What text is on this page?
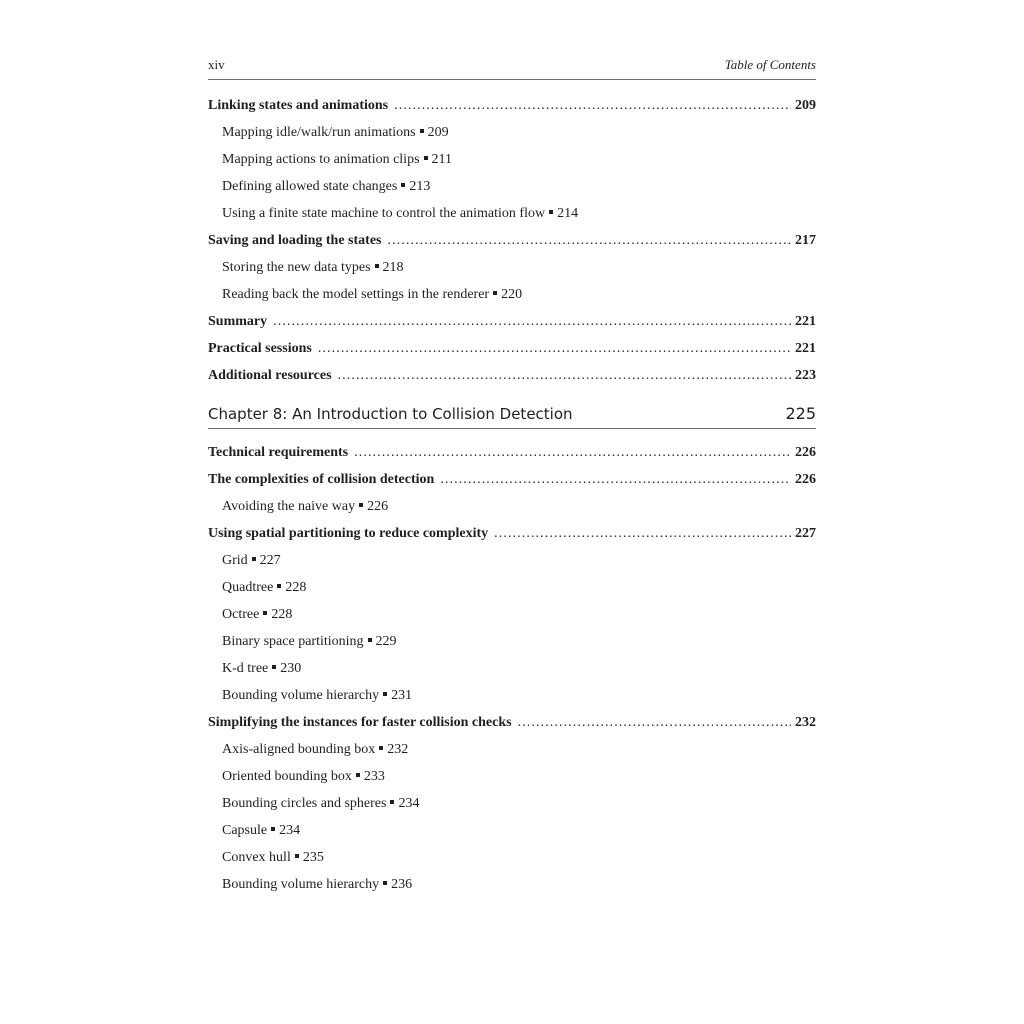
xiv	Table of Contents
Linking states and animations .....	209
Mapping idle/walk/run animations 209
Mapping actions to animation clips 211
Defining allowed state changes 213
Using a finite state machine to control the animation flow 214
Saving and loading the states .....	217
Storing the new data types 218
Reading back the model settings in the renderer 220
Summary .....	221
Practical sessions .....	221
Additional resources .....	223
Chapter 8: An Introduction to Collision Detection	225
Technical requirements .....	226
The complexities of collision detection .....	226
Avoiding the naive way 226
Using spatial partitioning to reduce complexity .....	227
Grid 227
Quadtree 228
Octree 228
Binary space partitioning 229
K-d tree 230
Bounding volume hierarchy 231
Simplifying the instances for faster collision checks .....	232
Axis-aligned bounding box 232
Oriented bounding box 233
Bounding circles and spheres 234
Capsule 234
Convex hull 235
Bounding volume hierarchy 236
